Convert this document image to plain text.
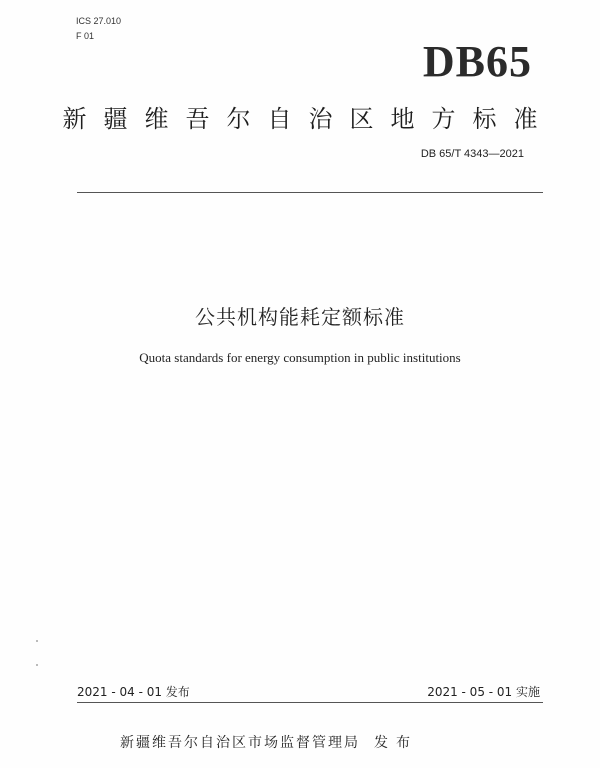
ICS 27.010
F 01
DB65
新疆维吾尔自治区地方标准
DB 65/T 4343—2021
公共机构能耗定额标准
Quota standards for energy consumption in public institutions
2021 - 04 - 01 发布	2021 - 05 - 01 实施
新疆维吾尔自治区市场监督管理局 发布
